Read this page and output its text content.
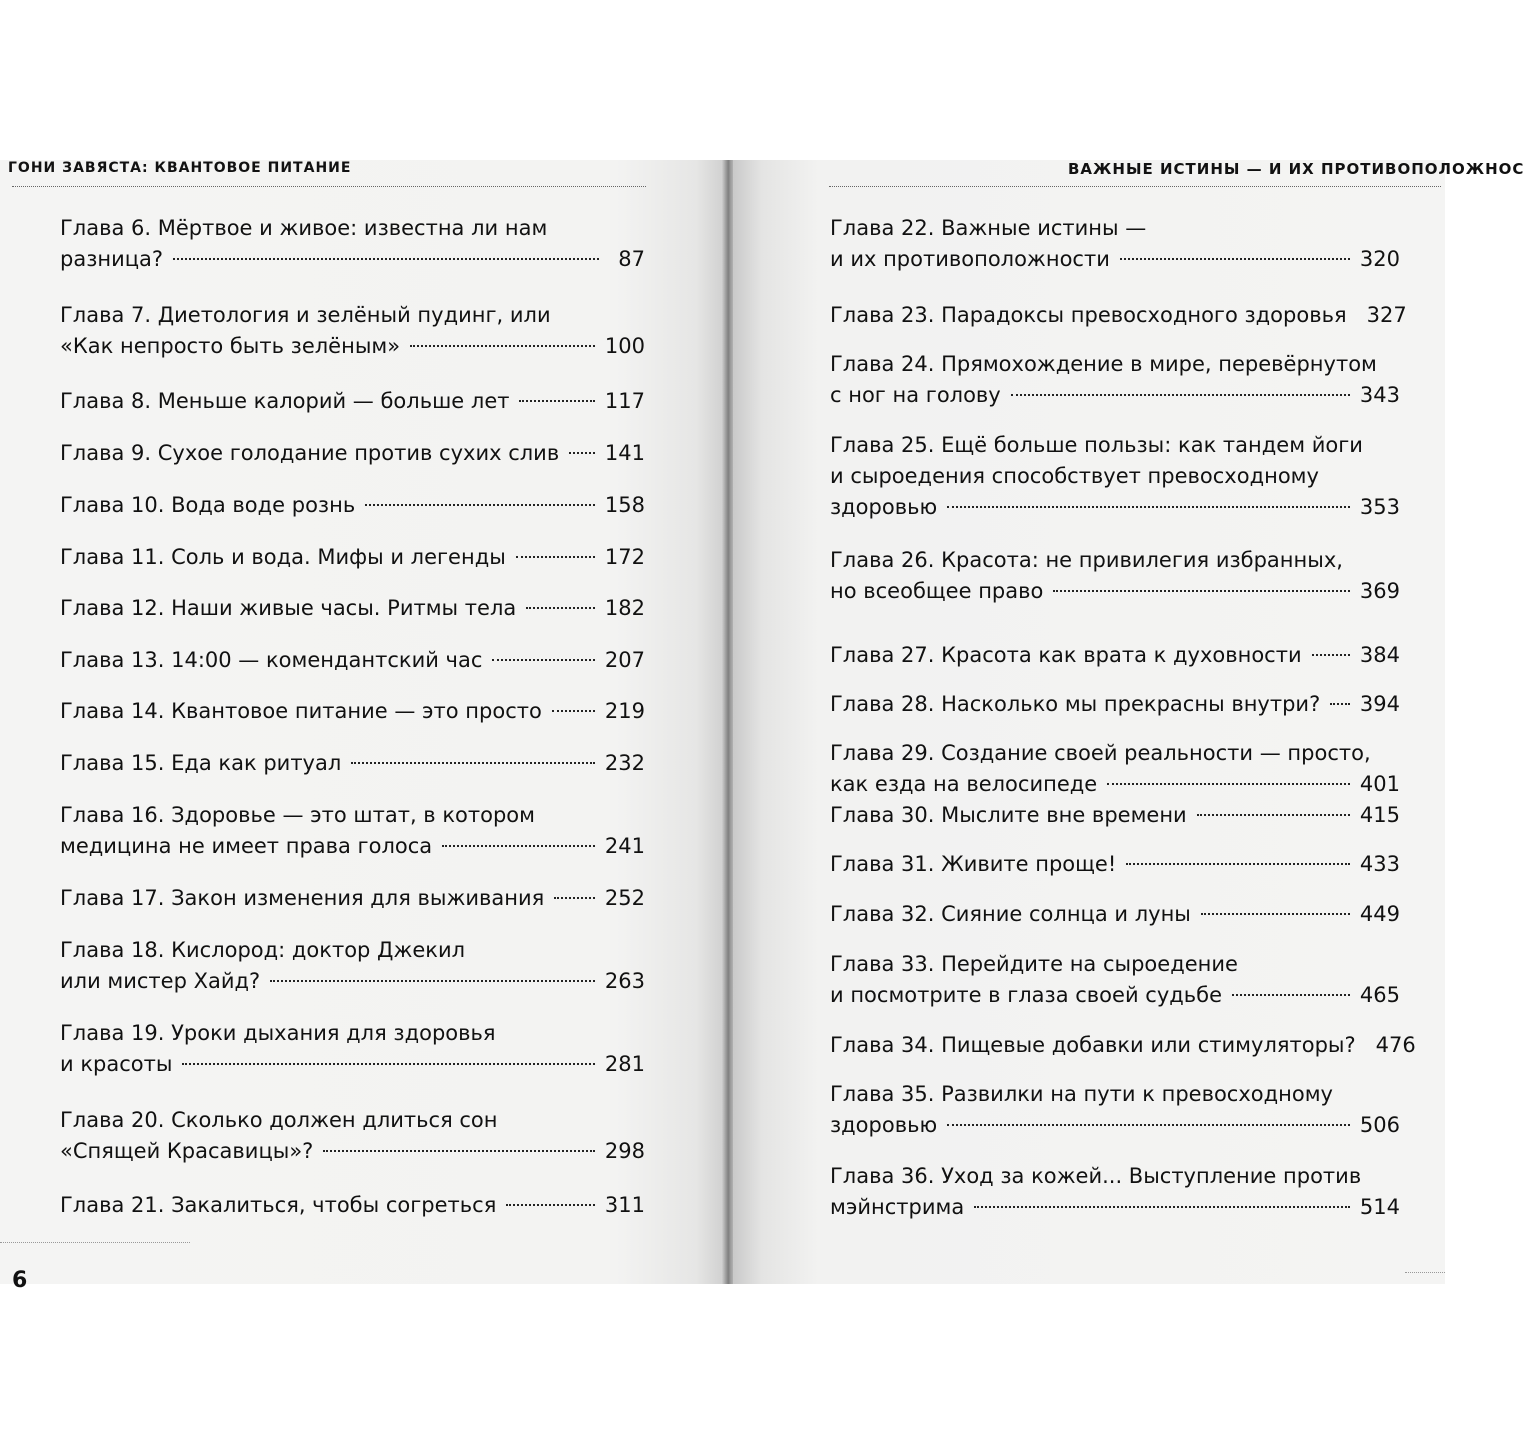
ГОНИ ЗАВЯСТА: КВАНТОВОЕ ПИТАНИЕ
Глава 6. Мёртвое и живое: известна ли нам
разница?	87
Глава 7. Диетология и зелёный пудинг, или
«Как непросто быть зелёным»	100
Глава 8. Меньше калорий — больше лет	117
Глава 9. Сухое голодание против сухих слив 141
Глава 10. Вода воде рознь	158
Глава 11. Соль и вода. Мифы и легенды	172
Глава 12. Наши живые часы. Ритмы тела	182
Глава 13. 14:00 — комендантский час	207
Глава 14. Квантовое питание — это просто	219
Глава 15. Еда как ритуал	232
Глава 16. Здоровье — это штат, в котором
медицина не имеет права голоса	241
Глава 17. Закон изменения для выживания	252
Глава 18. Кислород: доктор Джекил
или мистер Хайд?	263
Глава 19. Уроки дыхания для здоровья
и красоты	281
Глава 20. Сколько должен длиться сон
«Спящей Красавицы»?	298
Глава 21. Закалиться, чтобы согреться	311
6
ВАЖНЫЕ ИСТИНЫ — И ИХ ПРОТИВОПОЛОЖНОС
Глава 22. Важные истины —
и их противоположности	320
Глава 23. Парадоксы превосходного здоровья 327
Глава 24. Прямохождение в мире, перевёрнутом
с ног на голову	343
Глава 25. Ещё больше пользы: как тандем йоги
и сыроедения способствует превосходному
здоровью	353
Глава 26. Красота: не привилегия избранных,
но всеобщее право	369
Глава 27. Красота как врата к духовности	384
Глава 28. Насколько мы прекрасны внутри? 394
Глава 29. Создание своей реальности — просто,
как езда на велосипеде	401
Глава 30. Мыслите вне времени	415
Глава 31. Живите проще!	433
Глава 32. Сияние солнца и луны	449
Глава 33. Перейдите на сыроедение
и посмотрите в глаза своей судьбе	465
Глава 34. Пищевые добавки или стимуляторы? 476
Глава 35. Развилки на пути к превосходному
здоровью	506
Глава 36. Уход за кожей... Выступление против
мэйнстрима	514
